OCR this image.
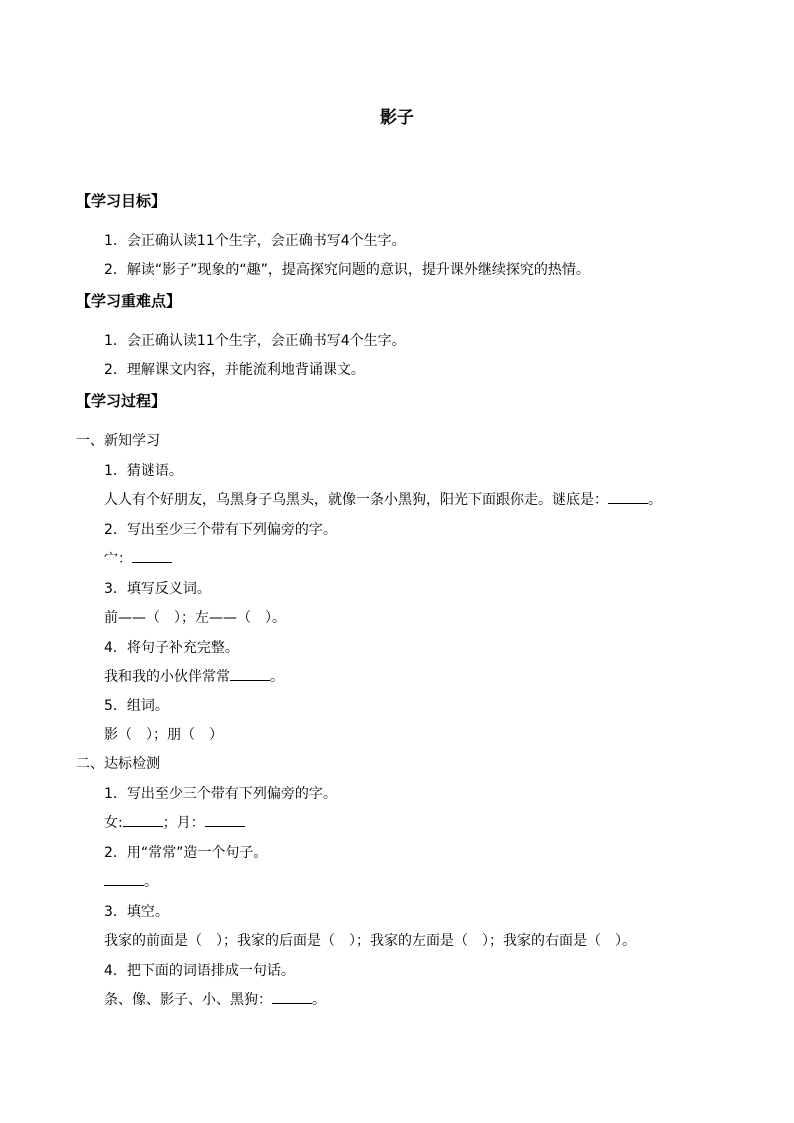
影子
【学习目标】
1．会正确认读11个生字，会正确书写4个生字。
2．解读“影子”现象的“趣”，提高探究问题的意识，提升课外继续探究的热情。
【学习重难点】
1．会正确认读11个生字，会正确书写4个生字。
2．理解课文内容，并能流利地背诵课文。
【学习过程】
一、新知学习
1．猜谜语。
人人有个好朋友，乌黑身子乌黑头，就像一条小黑狗，阳光下面跟你走。谜底是：	。
2．写出至少三个带有下列偏旁的字。
宀：
3．填写反义词。
前——（　）；左——（　）。
4．将句子补充完整。
我和我的小伙伴常常	。
5．组词。
影（　）；朋（　）
二、达标检测
1．写出至少三个带有下列偏旁的字。
女:	；月：
2．用“常常”造一个句子。
。
3．填空。
我家的前面是（　）；我家的后面是（　）；我家的左面是（　）；我家的右面是（　）。
4．把下面的词语排成一句话。
条、像、影子、小、黑狗：	。
